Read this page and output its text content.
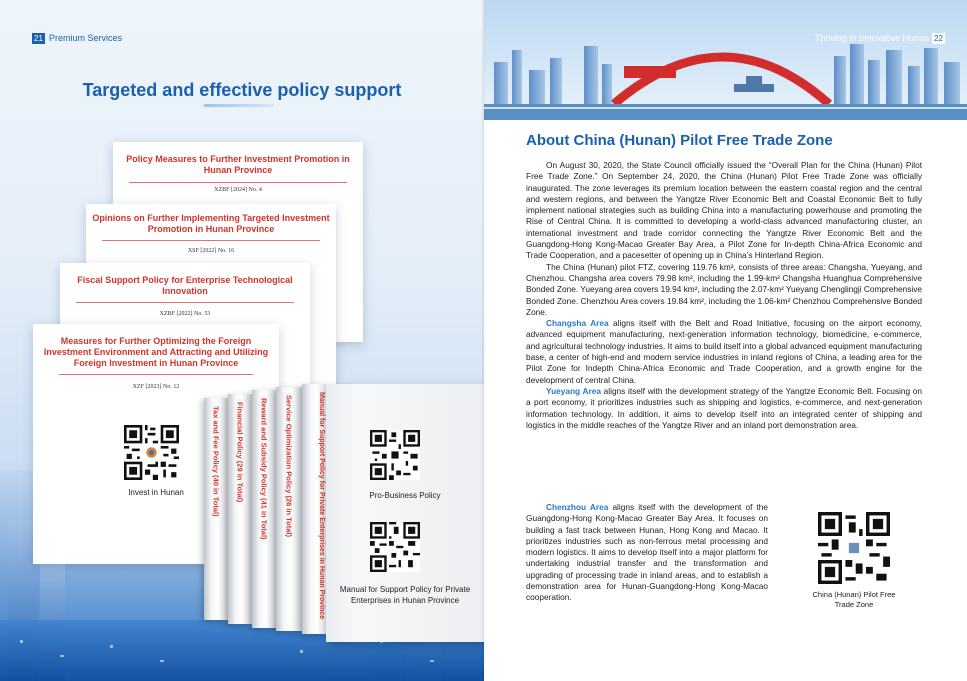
21 Premium Services
Targeted and effective policy support
Policy Measures to Further Investment Promotion in Hunan Province
XZBF [2024] No. 4
Opinions on Further Implementing Targeted Investment Promotion in Hunan Province
XSF [2022] No. 16
Fiscal Support Policy for Enterprise Technological Innovation
XZBF [2022] No. 53
Measures for Further Optimizing the Foreign Investment Environment and Attracting and Utilizing Foreign Investment in Hunan Province
XZF [2023] No. 12
Invest in Hunan	Tax and Fee Policy (40 in Total) Financial Policy (29 in Total) Reward and Subsidy Policy (41 in Total) Service Optimization Policy (26 in Total)	Manual for Support Policy for Private Enterprises in Hunan Province	Pro-Business Policy
Manual for Support Policy for Private Enterprises in Hunan Province
Thriving in Innovative Hunan 22
About China (Hunan) Pilot Free Trade Zone

On August 30, 2020, the State Council officially issued the “Overall Plan for the China (Hunan) Pilot Free Trade Zone.” On September 24, 2020, the China (Hunan) Pilot Free Trade Zone was officially inaugurated. The zone leverages its premium location between the eastern coastal region and the central and western regions, and between the Yangtze River Economic Belt and Coastal Economic Belt to fully implement national strategies such as building China into a manufacturing powerhouse and promoting the Rise of Central China. It is committed to developing a world-class advanced manufacturing cluster, an international investment and trade corridor connecting the Yangtze River Economic Belt and the Guangdong-Hong Kong-Macao Greater Bay Area, a Pilot Zone for In-depth China-Africa Economic and Trade Cooperation, and a pacesetter of opening up in China’s Hinterland Region.

The China (Hunan) pilot FTZ, covering 119.76 km², consists of three areas: Changsha, Yueyang, and Chenzhou. Changsha area covers 79.98 km², including the 1.99-km² Changsha Huanghua Comprehensive Bonded Zone. Yueyang area covers 19.94 km², including the 2.07-km² Yueyang Chenglingji Comprehensive Bonded Zone. Chenzhou Area covers 19.84 km², including the 1.06-km² Chenzhou Comprehensive Bonded Zone.

Changsha Area aligns itself with the Belt and Road Initiative, focusing on the airport economy, advanced equipment manufacturing, next-generation information technology, biomedicine, e-commerce, and agricultural technology industries. It aims to build itself into a global advanced equipment manufacturing base, a center of high-end and modern service industries in inland regions of China, a leading area for the Pilot Zone for Indepth China-Africa Economic and Trade Cooperation, and a growth engine for the development of central China.

Yueyang Area aligns itself with the development strategy of the Yangtze Economic Belt. Focusing on a port economy, it prioritizes industries such as shipping and logistics, e-commerce, and next-generation information technology. In addition, it aims to develop itself into an integrated center of shipping and logistics in the middle reaches of the Yangtze River and an inland port demonstration area.

Chenzhou Area aligns itself with the development of the Guangdong-Hong Kong-Macao Greater Bay Area. It focuses on building a fast track between Hunan, Hong Kong and Macao. It prioritizes industries such as non-ferrous metal processing and modern logistics. It aims to develop itself into a major platform for undertaking industrial transfer and the transformation and upgrading of processing trade in inland areas, and to establish a demonstration area for Hunan-Guangdong-Hong Kong-Macao cooperation.	China (Hunan) Pilot Free Trade Zone
